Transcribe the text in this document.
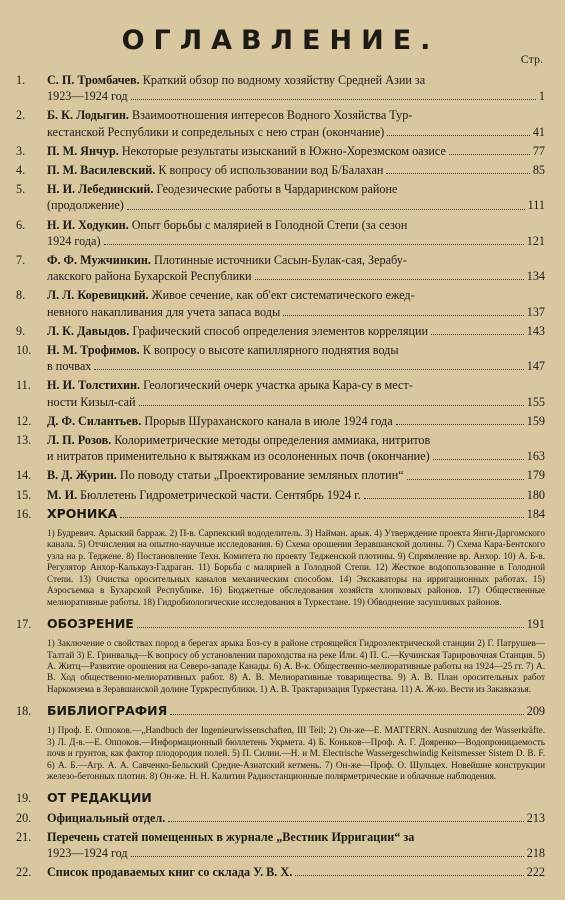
ОГЛАВЛЕНИЕ.
Стр.
1.	С. П. Тромбачев. Краткий обзор по водному хозяйству Средней Азии за
1923—1924 год	1
2.	Б. К. Лодыгин. Взаимоотношения интересов Водного Хозяйства Тур-
кестанской Республики и сопредельных с нею стран (окончание)	41
3.	П. М. Янчур. Некоторые результаты изысканий в Южно-Хорезмском оазисе	77
4.	П. М. Василевский. К вопросу об использовании вод Б/Балахан	85
5.	Н. И. Лебединский. Геодезические работы в Чардаринском районе
(продолжение)	111
6.	Н. И. Ходукин. Опыт борьбы с малярией в Голодной Степи (за сезон
1924 года)	121
7.	Ф. Ф. Мужчинкин. Плотинные источники Сасын-Булак-сая, Зерабу-
лакского района Бухарской Республики	134
8.	Л. Л. Коревицкий. Живое сечение, как об'ект систематического ежед-
невного накапливания для учета запаса воды	137
9.	Л. К. Давыдов. Графический способ определения элементов корреляции	143
10.	Н. М. Трофимов. К вопросу о высоте капиллярного поднятия воды
в почвах	147
11.	Н. И. Толстихин. Геологический очерк участка арыка Кара-су в мест-
ности Кизыл-сай	155
12.	Д. Ф. Силантьев. Прорыв Шураханского канала в июле 1924 года	159
13.	Л. П. Розов. Колориметрические методы определения аммиака, нитритов
и нитратов применительно к вытяжкам из осолоненных почв (окончание)	163
14.	В. Д. Журин. По поводу статьи „Проектирование земляных плотин“	179
15.	М. И. Бюллетень Гидрометрической части. Сентябрь 1924 г.	180
16.	ХРОНИКА	184
1) Будревич. Арыский барраж. 2) П-в. Сарпекский вододелитель. 3) Найман. арык. 4) Утверждение проекта Янги-Даргомского канала. 5) Отчисления на опытно-научные исследования. 6) Схема орошения Зеравшанской долины. 7) Схема Кара-Бентского узла на р. Теджене. 8) Постановление Техн. Комитета по проекту Тедженской плотины. 9) Спрямление вр. Анхор. 10) А. Б-в. Регулятор Анхор-Калькауз-Гадраган. 11) Борьба с малярией в Голодной Степи. 12) Жесткое водопользование в Голодной Степи. 13) Очистка оросительных каналов механическим способом. 14) Экскаваторы на ирригационных работах. 15) Аэросъемка в Бухарской Республике. 16) Бюджетные обследования хозяйств хлопковых районов. 17) Общественные мелиоративные работы. 18) Гидробиологические исследования в Туркестане. 19) Обводнение засушливых районов.
17.	ОБОЗРЕНИЕ	191
1) Заключение о свойствах пород в берегах арыка Боз-су в районе строящейся Гидроэлектрической станции 2) Г. Патрушев—Талтай 3) Е. Гринвальд—К вопросу об установлении пароходства на реке Или. 4) П. С.—Кучинская Тарировочная Станция. 5) А. Житц—Развитие орошения на Северо-западе Канады. 6) А. В-к. Общественно-мелиоративные работы на 1924—25 гг. 7) А. В. Ход общественно-мелиоративных работ. 8) А. В. Мелиоративные товарищества. 9) А. В. План оросительных работ Наркомзема в Зеравшанской долине Туркреспублики. 1) А. В. Трактаризация Туркестана. 11) А. Ж-ко. Вести из Закавказья.
18.	БИБЛИОГРАФИЯ	209
1) Проф. Е. Оппоков.—„Handbuch der Ingenieurwissenschaften, III Teil; 2) Он-же—E. MATTERN. Ausnutzung der Wasserkräfte. 3) Л. Д-в.—Е. Оппоков.—Информационный бюллетень Укрмета. 4) Б. Коньков—Проф. А. Г. Дояренко—Водопроницаемость почв и грунтов, как фактор плодородия полей. 5) П. Силин.—Н. и М. Electrische Wassergeschwindig Keitsmesser Sistem D. B. F. 6) А. Б.—Агр. А. А. Савченко-Бельский Средне-Азиатский кетмень. 7) Он-же—Проф. О. Шульцех. Новейшие конструкции железо-бетонных плотин. 8) Он-же. Н. Н. Калитин Радиостанционные полярметрические и облачные наблюдения.
19.	ОТ РЕДАКЦИИ
20.	Официальный отдел.	213
21.	Перечень статей помещенных в журнале „Вестник Ирригации“ за
1923—1924 год	218
22.	Список продаваемых книг со склада У. В. Х.	222
